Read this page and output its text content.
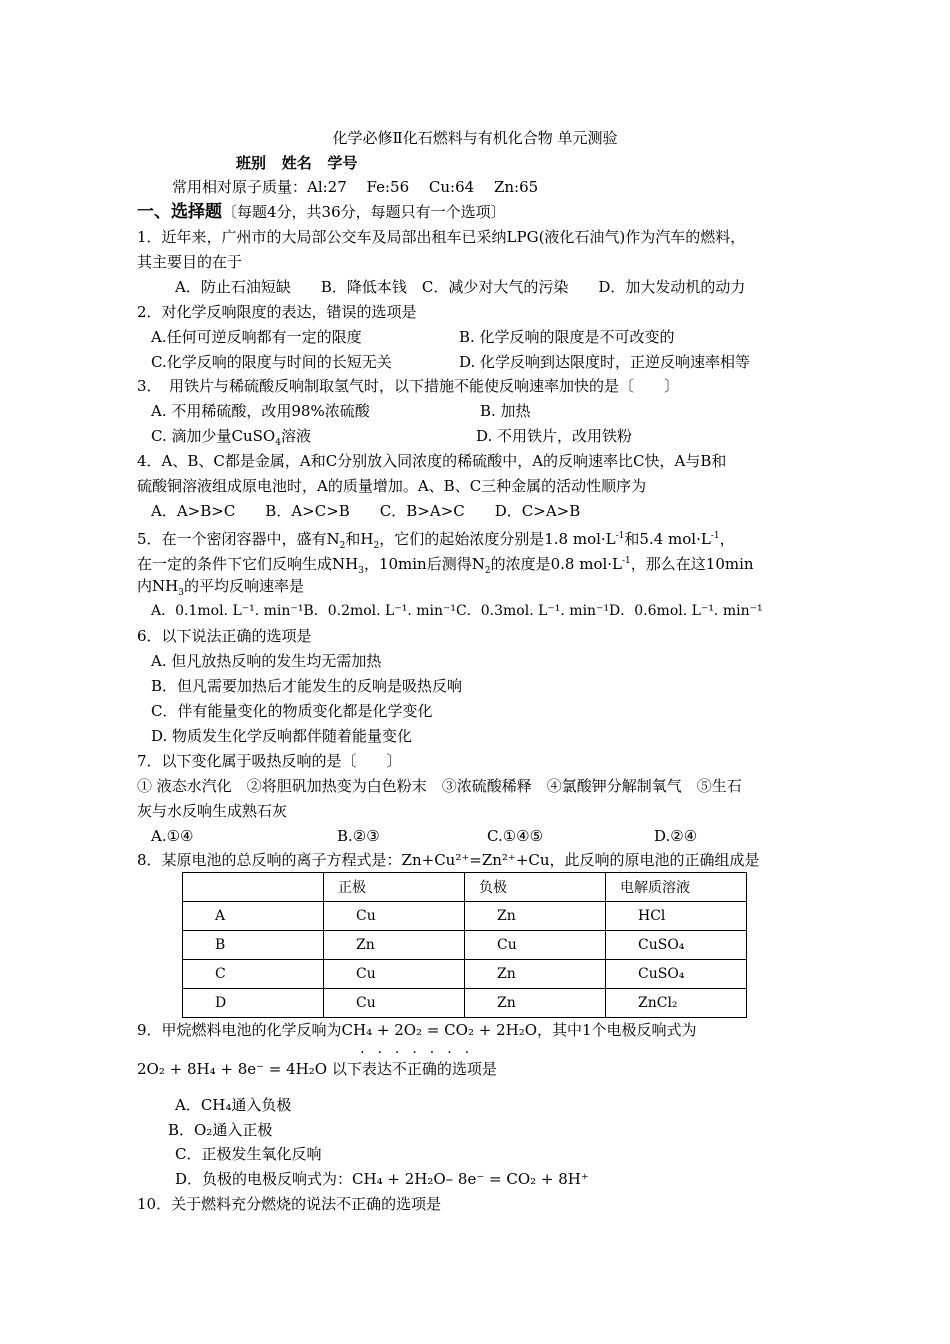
化学必修Ⅱ化石燃料与有机化合物 单元测验
班别 姓名 学号
常用相对原子质量：Al:27　 Fe:56　 Cu:64　 Zn:65
一、选择题〔每题4分，共36分，每题只有一个选项〕
1．近年来，广州市的大局部公交车及局部出租车已采纳LPG(液化石油气)作为汽车的燃料，
其主要目的在于
A．防止石油短缺　　B．降低本钱　C．减少对大气的污染　　D．加大发动机的动力
2．对化学反响限度的表达，错误的选项是
A.任何可逆反响都有一定的限度	B. 化学反响的限度是不可改变的
C.化学反响的限度与时间的长短无关	D. 化学反响到达限度时，正逆反响速率相等
3．　用铁片与稀硫酸反响制取氢气时，以下措施不能使反响速率加快的是〔　　〕
A. 不用稀硫酸，改用98%浓硫酸	B. 加热
C. 滴加少量CuSO$_4$溶液	D. 不用铁片，改用铁粉
4．A、B、C都是金属，A和C分别放入同浓度的稀硫酸中，A的反响速率比C快，A与B和
硫酸铜溶液组成原电池时，A的质量增加。A、B、C三种金属的活动性顺序为
A．A>B>C　　B．A>C>B　　C．B>A>C　　D．C>A>B
5．在一个密闭容器中，盛有$N_2$和$H_2$，它们的起始浓度分别是1.8 $mol\cdot L^{-1}$和5.4 $mol\cdot L^{-1}$，
在一定的条件下它们反响生成$NH_3$，10min后测得$N_2$的浓度是0.8 $mol\cdot L^{-1}$，那么在这10min
内$NH_3$的平均反响速率是
A．0.1mol. L⁻¹. min⁻¹B．0.2mol. L⁻¹. min⁻¹C．0.3mol. L⁻¹. min⁻¹D．0.6mol. L⁻¹. min⁻¹
6．以下说法正确的选项是
A. 但凡放热反响的发生均无需加热
B．但凡需要加热后才能发生的反响是吸热反响
C．伴有能量变化的物质变化都是化学变化
D. 物质发生化学反响都伴随着能量变化
7．以下变化属于吸热反响的是〔　　〕
① 液态水汽化　②将胆矾加热变为白色粉末　③浓硫酸稀释　④氯酸钾分解制氧气　⑤生石
灰与水反响生成熟石灰
A.①④	B.②③	C.①④⑤	D.②④
8．某原电池的总反响的离子方程式是：Zn+Cu²⁺=Zn²⁺+Cu，此反响的原电池的正确组成是
	正极	负极	电解质溶液
A	Cu	Zn	HCl
B	Zn	Cu	CuSO₄
C	Cu	Zn	CuSO₄
D	Cu	Zn	ZnCl₂
9．甲烷燃料电池的化学反响为CH₄ + 2O₂ = CO₂ + 2H₂O，其中1个电极反响式为
.......
2O₂ + 8H₄ + 8e⁻ = 4H₂O 以下表达不正确的选项是
A．CH₄通入负极
B．O₂通入正极
C．正极发生氧化反响
D．负极的电极反响式为：CH₄ + 2H₂O– 8e⁻ = CO₂ + 8H⁺
10．关于燃料充分燃烧的说法不正确的选项是
